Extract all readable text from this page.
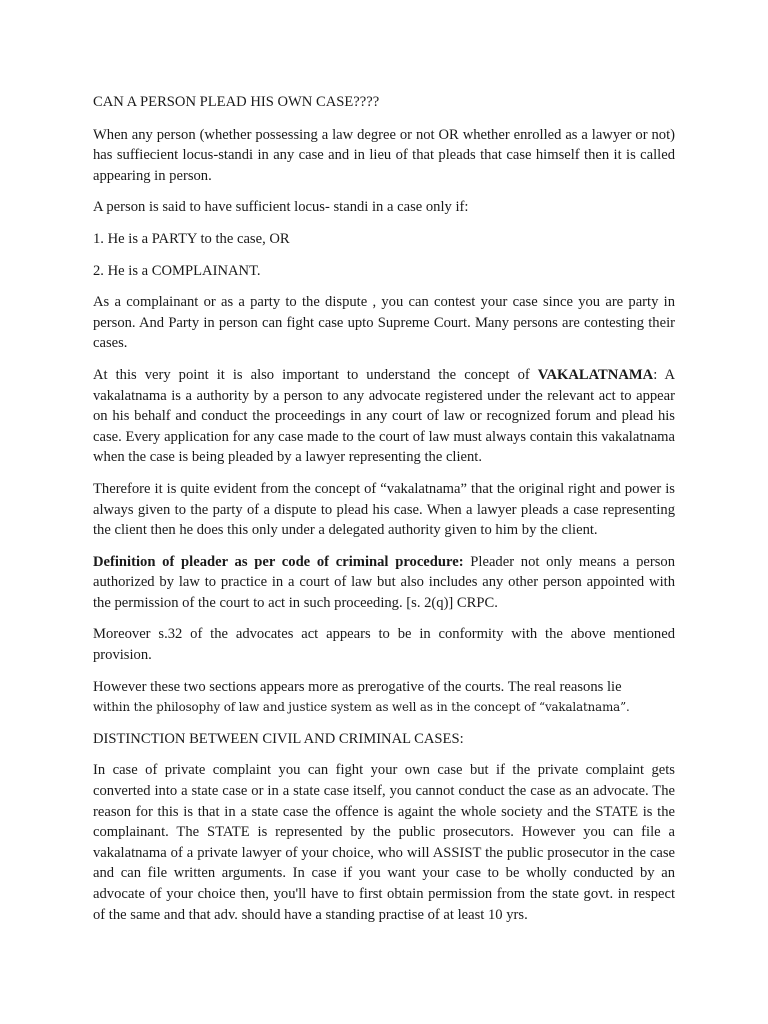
CAN A PERSON PLEAD HIS OWN CASE????

When any person (whether possessing a law degree or not OR whether enrolled as a lawyer or not) has suffiecient locus-standi in any case and in lieu of that pleads that case himself then it is called appearing in person.

A person is said to have sufficient locus- standi in a case only if:

1. He is a PARTY to the case, OR

2. He is a COMPLAINANT.

As a complainant or as a party to the dispute , you can contest your case since you are party in person. And Party in person can fight case upto Supreme Court. Many persons are contesting their cases.

At this very point it is also important to understand the concept of VAKALATNAMA: A vakalatnama is a authority by a person to any advocate registered under the relevant act to appear on his behalf and conduct the proceedings in any court of law or recognized forum and plead his case. Every application for any case made to the court of law must always contain this vakalatnama when the case is being pleaded by a lawyer representing the client.

Therefore it is quite evident from the concept of “vakalatnama” that the original right and power is always given to the party of a dispute to plead his case. When a lawyer pleads a case representing the client then he does this only under a delegated authority given to him by the client.

Definition of pleader as per code of criminal procedure: Pleader not only means a person authorized by law to practice in a court of law but also includes any other person appointed with the permission of the court to act in such proceeding. [s. 2(q)] CRPC.

Moreover s.32 of the advocates act appears to be in conformity with the above mentioned provision.

However these two sections appears more as prerogative of the courts. The real reasons lie
within the philosophy of law and justice system as well as in the concept of “vakalatnama”.

DISTINCTION BETWEEN CIVIL AND CRIMINAL CASES:

In case of private complaint you can fight your own case but if the private complaint gets converted into a state case or in a state case itself, you cannot conduct the case as an advocate. The reason for this is that in a state case the offence is againt the whole society and the STATE is the complainant. The STATE is represented by the public prosecutors. However you can file a vakalatnama of a private lawyer of your choice, who will ASSIST the public prosecutor in the case and can file written arguments. In case if you want your case to be wholly conducted by an advocate of your choice then, you'll have to first obtain permission from the state govt. in respect of the same and that adv. should have a standing practise of at least 10 yrs.
